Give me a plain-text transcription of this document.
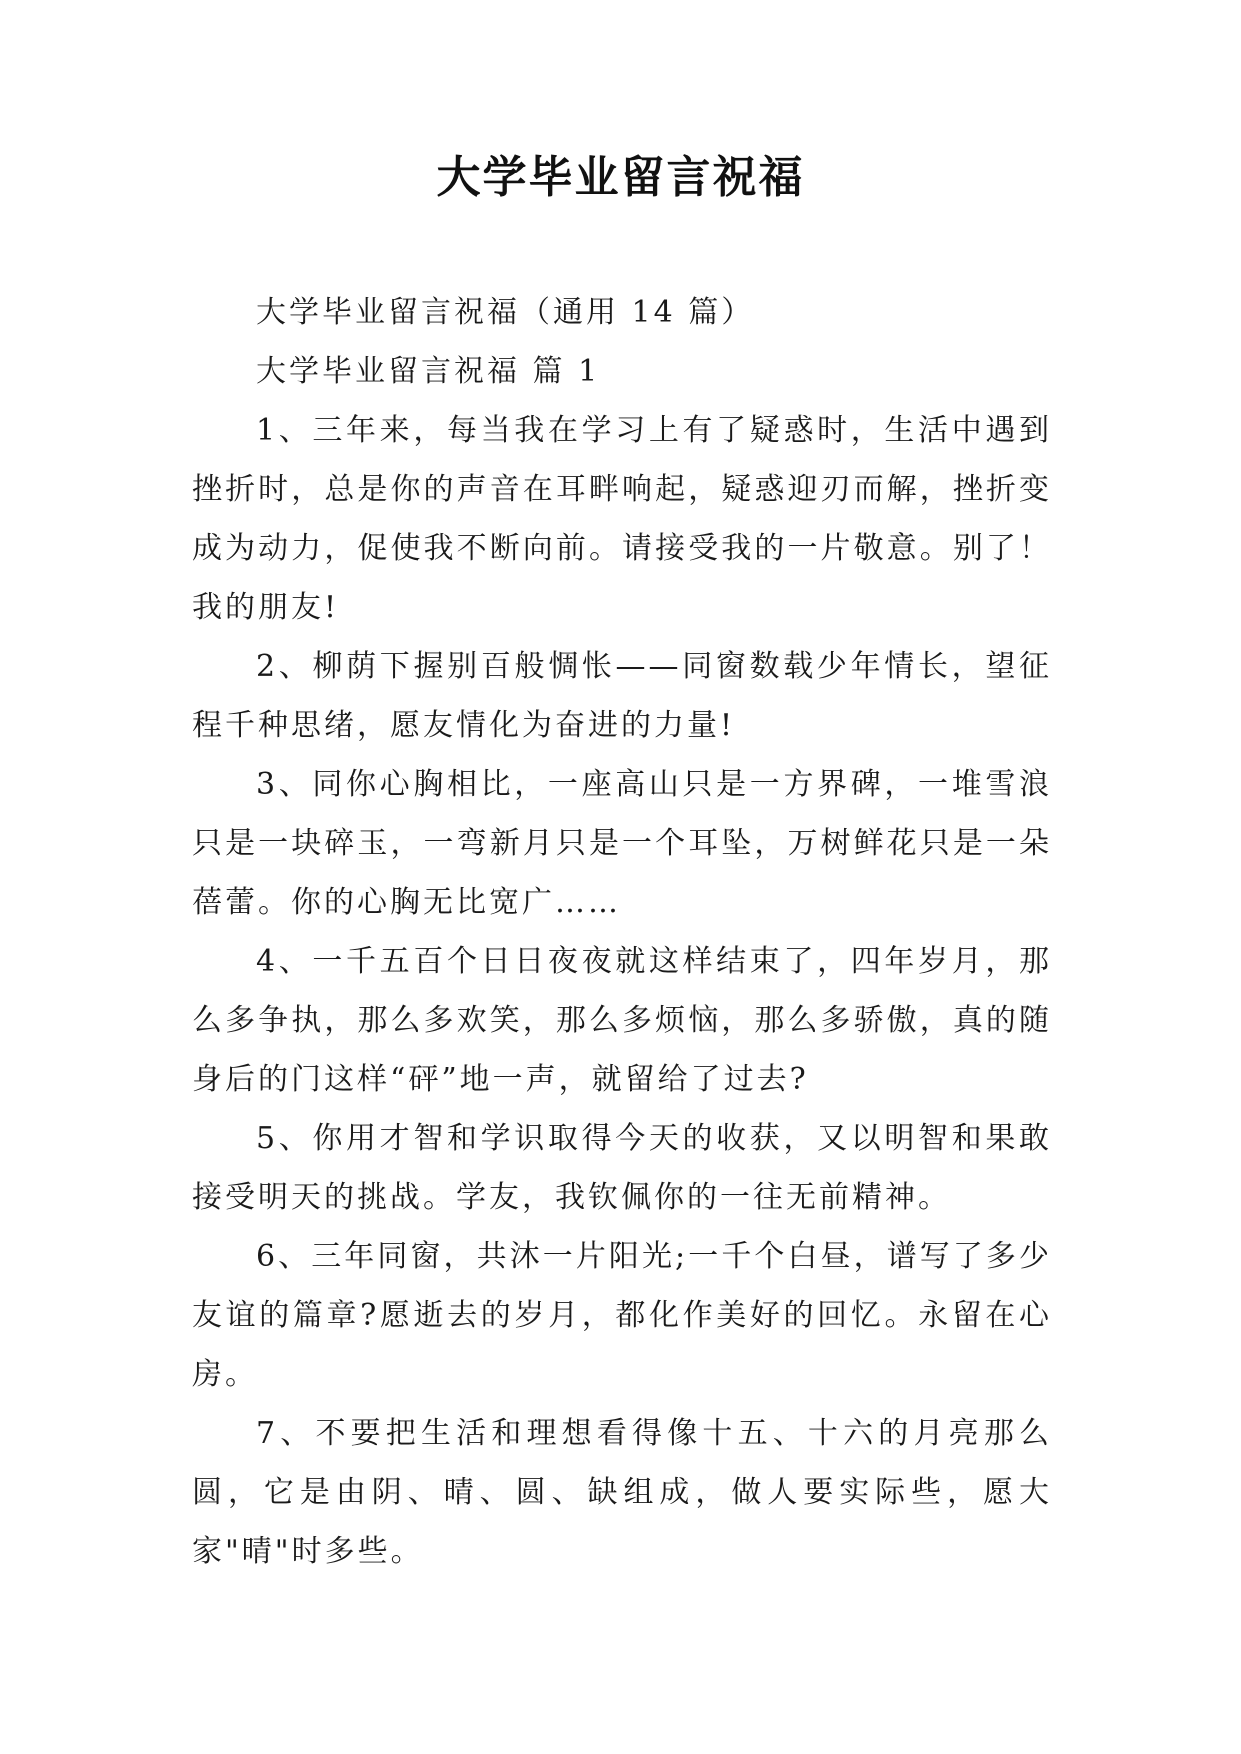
大学毕业留言祝福

大学毕业留言祝福（通用 14 篇）

大学毕业留言祝福 篇 1

1、三年来，每当我在学习上有了疑惑时，生活中遇到挫折时，总是你的声音在耳畔响起，疑惑迎刃而解，挫折变成为动力，促使我不断向前。请接受我的一片敬意。别了！我的朋友!

2、柳荫下握别百般惆怅——同窗数载少年情长，望征程千种思绪，愿友情化为奋进的力量!

3、同你心胸相比，一座高山只是一方界碑，一堆雪浪只是一块碎玉，一弯新月只是一个耳坠，万树鲜花只是一朵蓓蕾。你的心胸无比宽广……

4、一千五百个日日夜夜就这样结束了，四年岁月，那么多争执，那么多欢笑，那么多烦恼，那么多骄傲，真的随身后的门这样“砰”地一声，就留给了过去?

5、你用才智和学识取得今天的收获，又以明智和果敢接受明天的挑战。学友，我钦佩你的一往无前精神。

6、三年同窗，共沐一片阳光;一千个白昼，谱写了多少友谊的篇章?愿逝去的岁月，都化作美好的回忆。永留在心房。

7、不要把生活和理想看得像十五、十六的月亮那么圆，它是由阴、晴、圆、缺组成，做人要实际些，愿大家"晴"时多些。
